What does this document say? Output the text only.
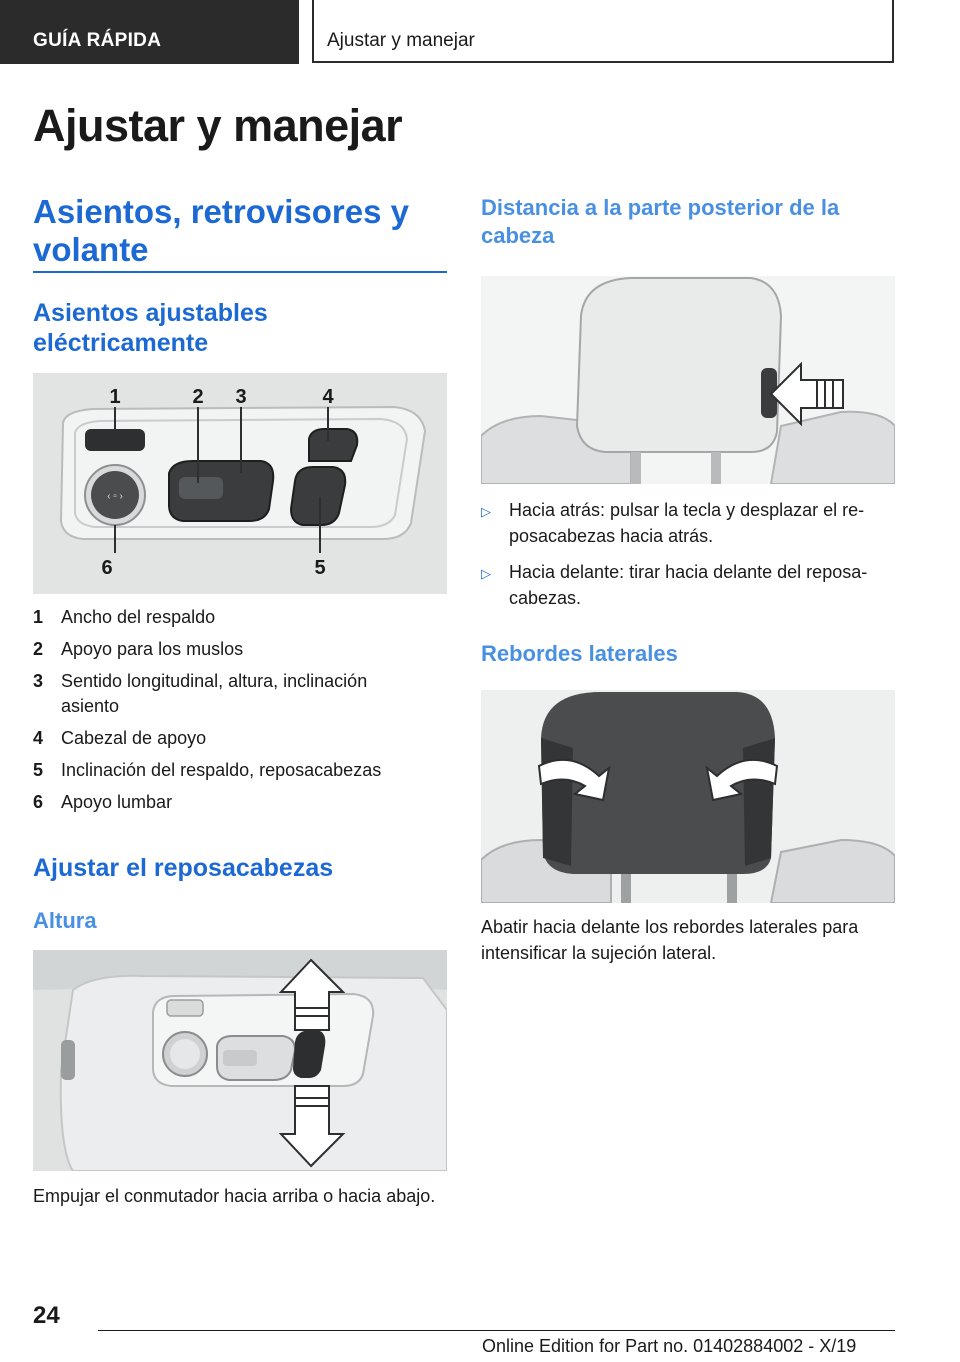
GUÍA RÁPIDA	Ajustar y manejar
Ajustar y manejar
Asientos, retrovisores y volante
Asientos ajustables eléctricamente
‹ ▫ ›
1	2 3	4
6	5
1 Ancho del respaldo
2 Apoyo para los muslos
3 Sentido longitudinal, altura, inclinación asiento
4 Cabezal de apoyo
5 Inclinación del respaldo, reposacabezas
6 Apoyo lumbar
Ajustar el reposacabezas
Altura
Empujar el conmutador hacia arriba o hacia abajo.
Distancia a la parte posterior de la cabeza
▷	Hacia atrás: pulsar la tecla y desplazar el reposacabezas hacia atrás.
▷	Hacia delante: tirar hacia delante del reposacabezas.
Rebordes laterales
Abatir hacia delante los rebordes laterales para intensificar la sujeción lateral.
24
Online Edition for Part no. 01402884002 - X/19
